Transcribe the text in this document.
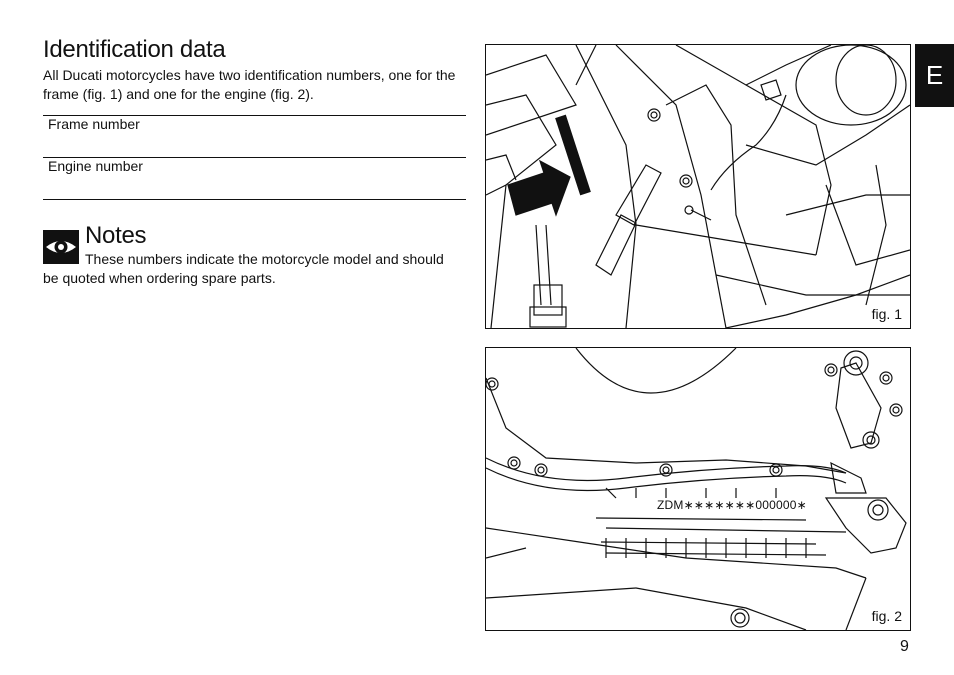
Identification data
All Ducati motorcycles have two identification numbers, one for the frame (fig. 1) and one for the engine (fig. 2).
Frame number
Engine number
Notes
These numbers indicate the motorcycle model and should be quoted when ordering spare parts.
fig. 1
ZDM∗∗∗∗∗∗∗000000∗
fig. 2
E
9
